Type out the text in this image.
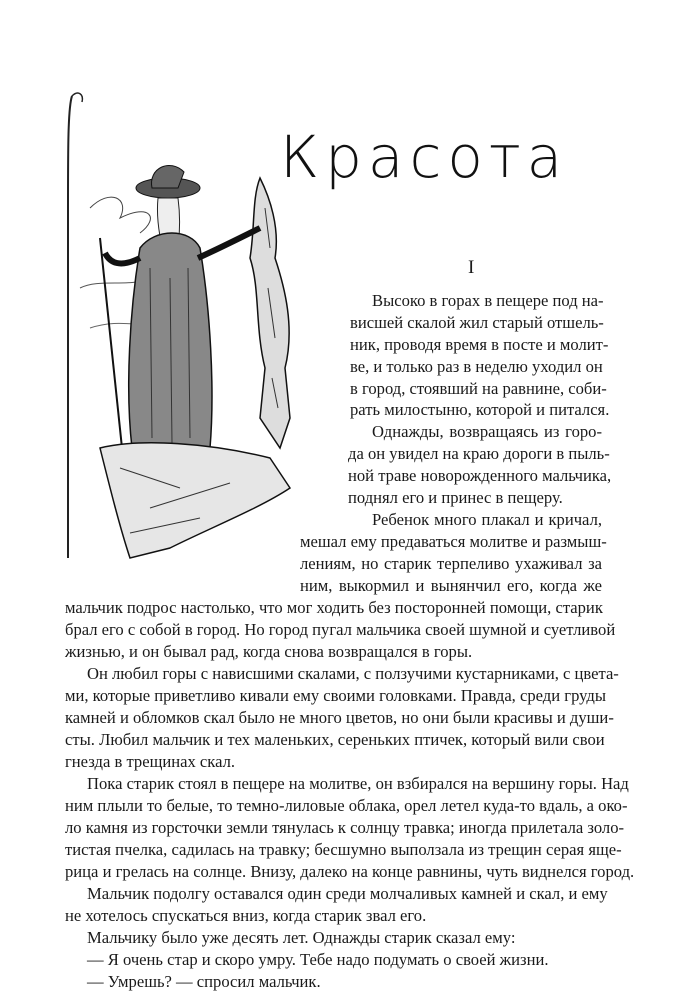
Красота
I
Высоко в горах в пещере под на-
висшей скалой жил старый отшель-
ник, проводя время в посте и молит-
ве, и только раз в неделю уходил он
в город, стоявший на равнине, соби-
рать милостыню, которой и питался.
Однажды, возвращаясь из горо-
да он увидел на краю дороги в пыль-
ной траве новорожденного мальчика,
поднял его и принес в пещеру.
Ребенок много плакал и кричал,
мешал ему предаваться молитве и размыш-
лениям, но старик терпеливо ухаживал за
ним, выкормил и вынянчил его, когда же
мальчик подрос настолько, что мог ходить без посторонней помощи, старик
брал его с собой в город. Но город пугал мальчика своей шумной и суетливой
жизнью, и он бывал рад, когда снова возвращался в горы.
Он любил горы с нависшими скалами, с ползучими кустарниками, с цвета-
ми, которые приветливо кивали ему своими головками. Правда, среди груды
камней и обломков скал было не много цветов, но они были красивы и души-
сты. Любил мальчик и тех маленьких, серенькиx птичек, который вили свои
гнезда в трещинах скал.
Пока старик стоял в пещере на молитве, он взбирался на вершину горы. Над
ним плыли то белые, то темно-лиловые облака, орел летел куда-то вдаль, а око-
ло камня из горсточки земли тянулась к солнцу травка; иногда прилетала золо-
тистая пчелка, садилась на травку; бесшумно выползала из трещин серая яще-
рица и грелась на солнце. Внизу, далеко на конце равнины, чуть виднелся город.
Мальчик подолгу оставался один среди молчаливых камней и скал, и ему
не хотелось спускаться вниз, когда старик звал его.
Мальчику было уже десять лет. Однажды старик сказал ему:
— Я очень стар и скоро умру. Тебе надо подумать о своей жизни.
— Умрешь? — спросил мальчик.
